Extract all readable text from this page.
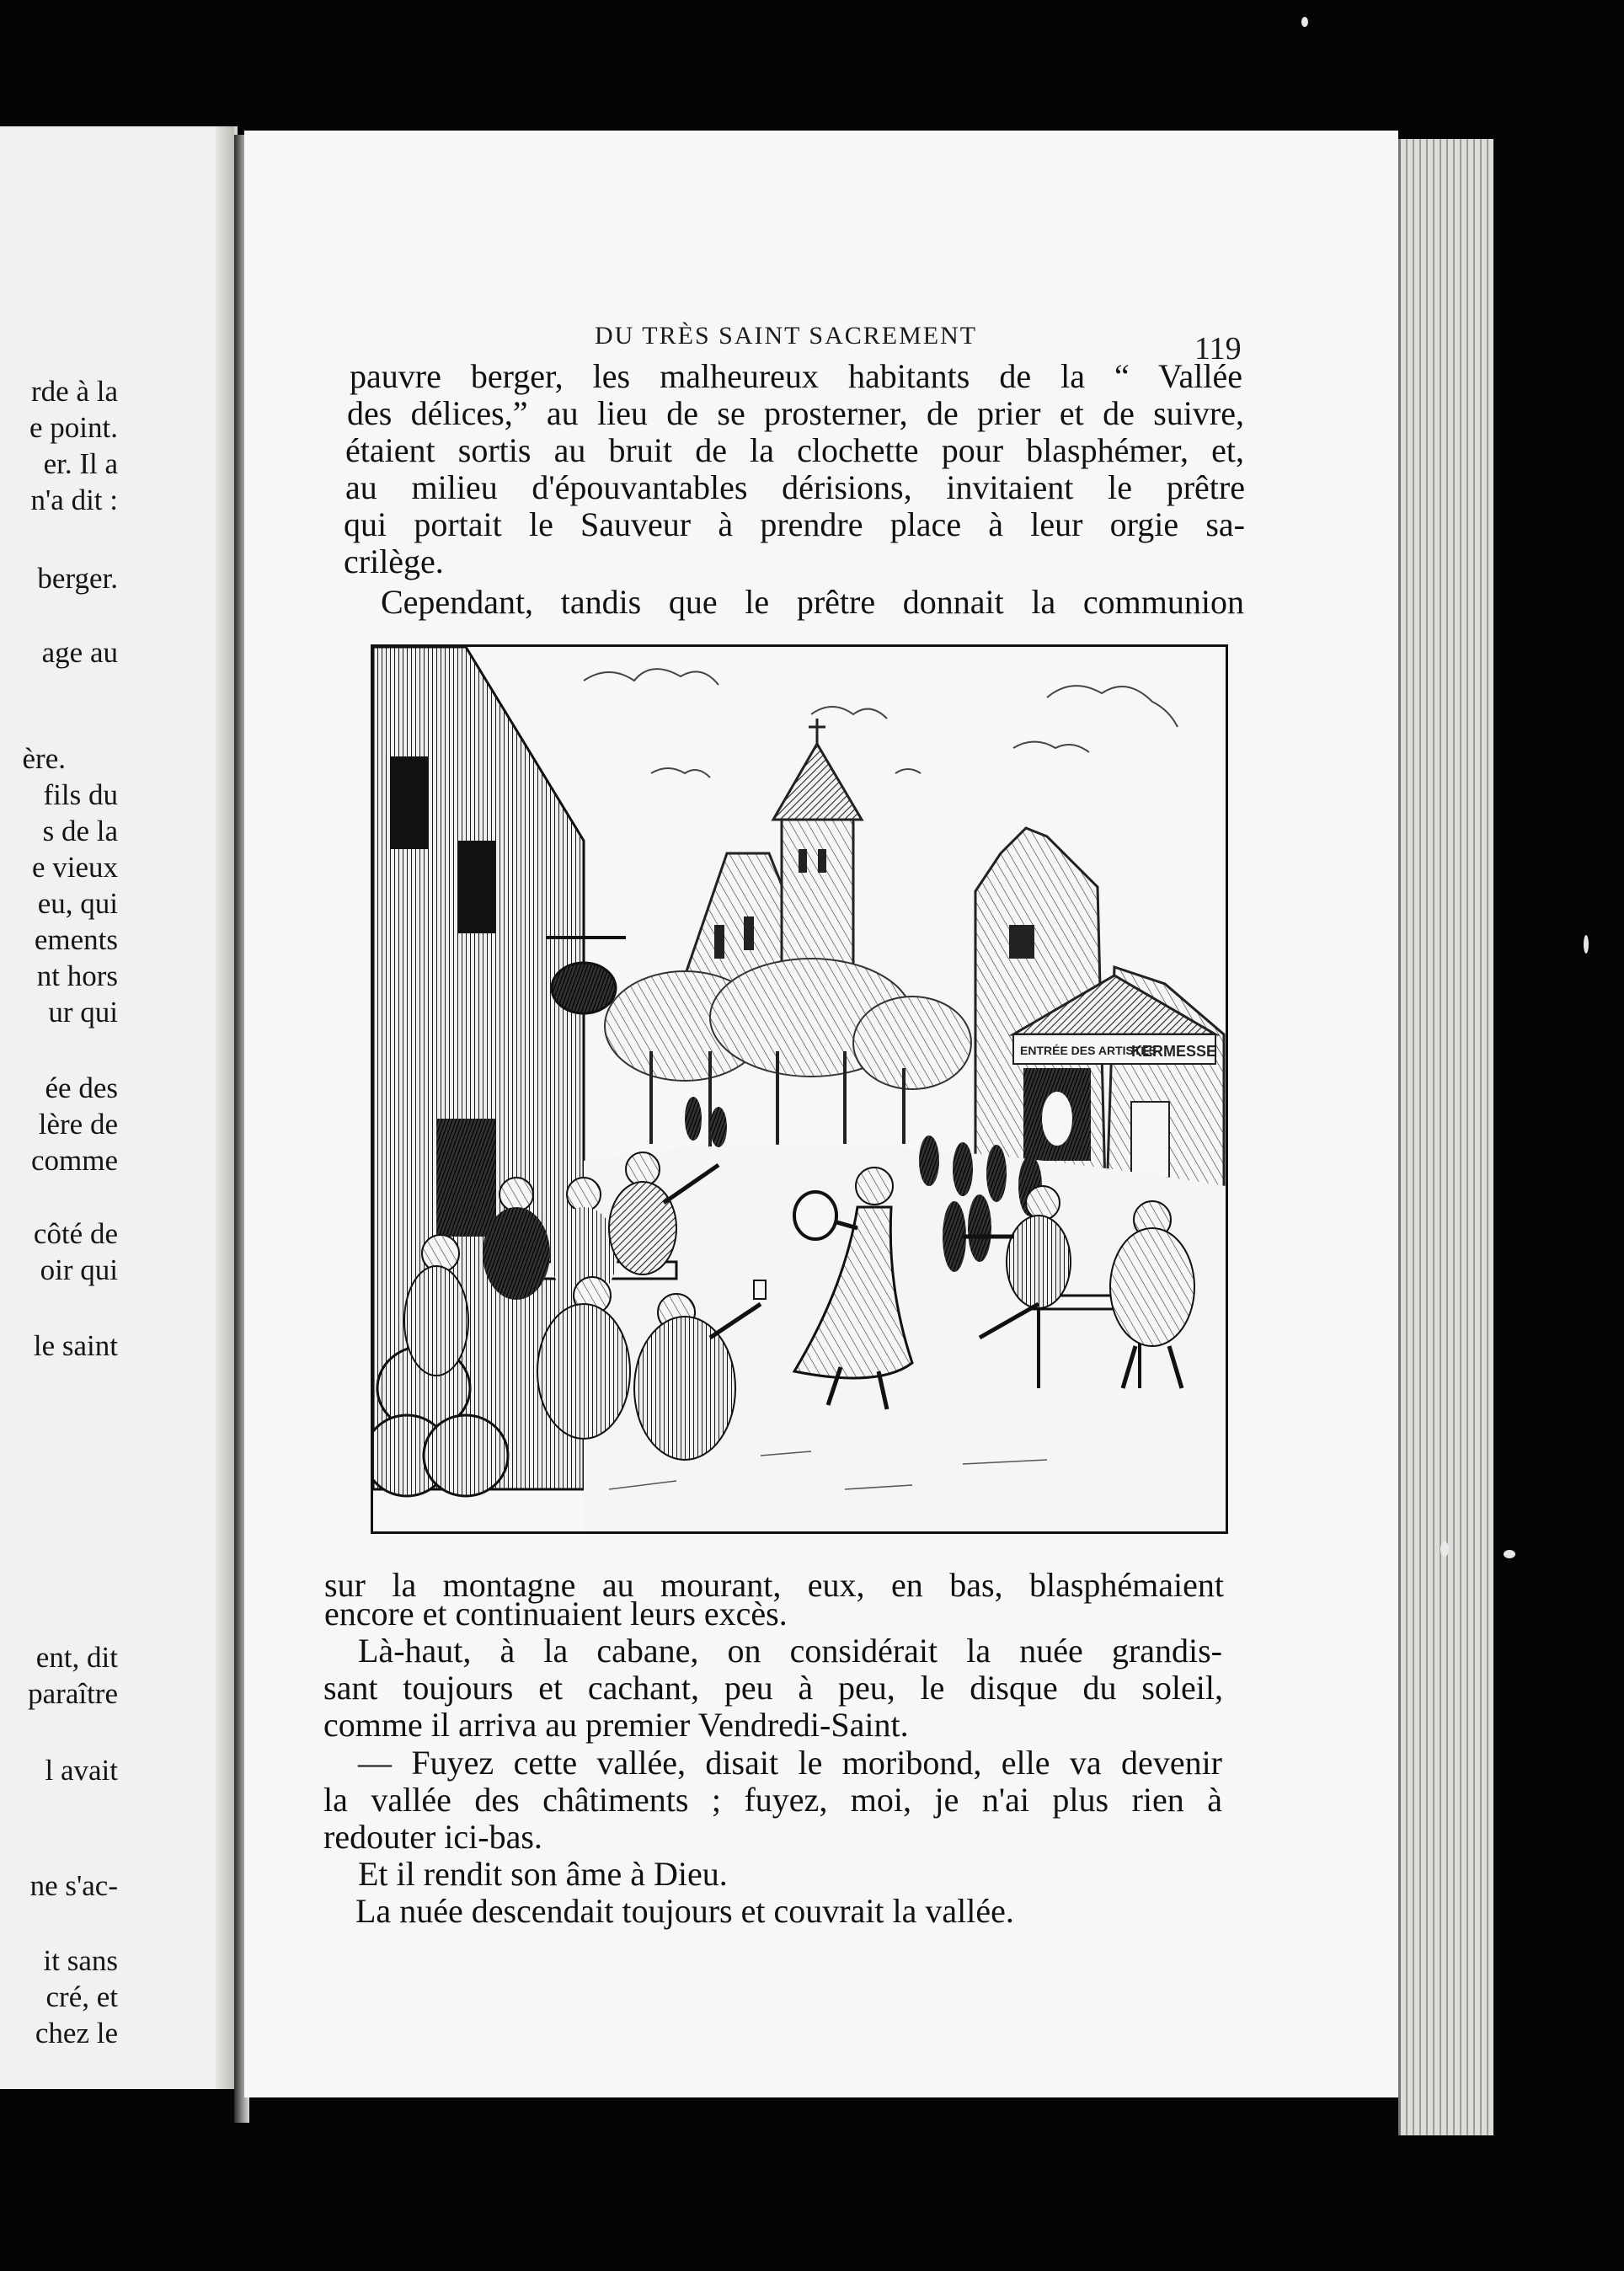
rde à la
e point.
er. Il a
n'a dit :
berger.
age au
ère.
fils du
s de la
e vieux
eu, qui
ements
nt hors
ur qui
ée des
lère de
comme
côté de
oir qui
le saint
ent, dit
paraître
l avait
ne s'ac-
it sans
cré, et
chez le
DU TRÈS SAINT SACREMENT	119
pauvre berger, les malheureux habitants de la “ Vallée
des délices,” au lieu de se prosterner, de prier et de suivre,
étaient sortis au bruit de la clochette pour blasphémer, et,
au milieu d'épouvantables dérisions, invitaient le prêtre
qui portait le Sauveur à prendre place à leur orgie sa-
crilège.
Cependant, tandis que le prêtre donnait la communion
ENTRÉE DES ARTISTES
KERMESSE
sur la montagne au mourant, eux, en bas, blasphémaient
encore et continuaient leurs excès.
Là-haut, à la cabane, on considérait la nuée grandis-
sant toujours et cachant, peu à peu, le disque du soleil,
comme il arriva au premier Vendredi-Saint.
— Fuyez cette vallée, disait le moribond, elle va devenir
la vallée des châtiments ; fuyez, moi, je n'ai plus rien à
redouter ici-bas.
Et il rendit son âme à Dieu.
La nuée descendait toujours et couvrait la vallée.
